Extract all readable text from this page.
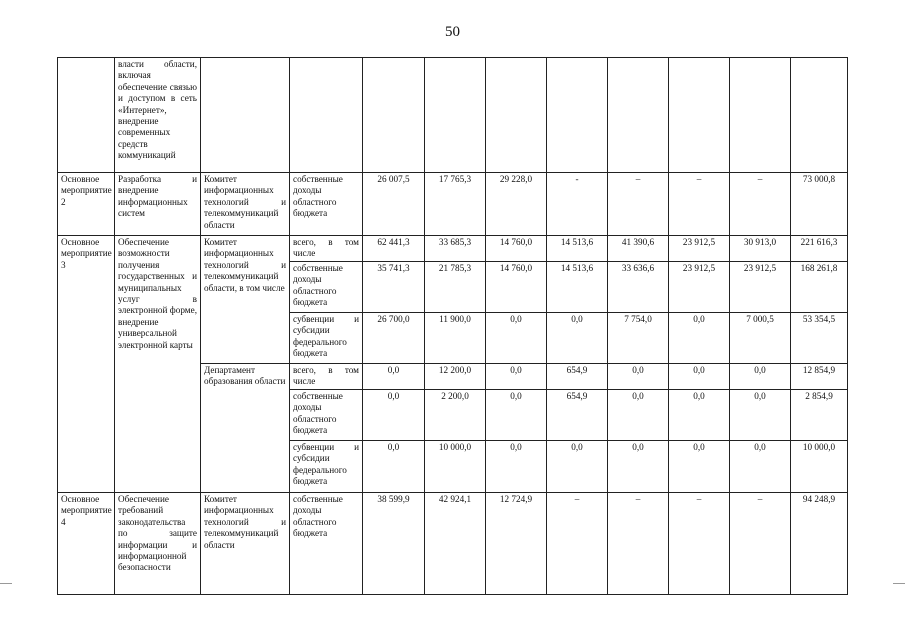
50
	власти области, включая обеспечение связью и доступом в сеть «Интернет», внедрение современных средств коммуникаций										
Основное мероприятие 2	Разработка и внедрение информационных систем	Комитет информационных технологий и телекоммуникаций области	собственные доходы областного бюджета	26 007,5	17 765,3	29 228,0	-	–	–	–	73 000,8
Основное мероприятие 3	Обеспечение возможности получения государственных и муниципальных услуг в электронной форме, внедрение универсальной электронной карты	Комитет информационных технологий и телекоммуникаций области, в том числе	всего, в том числе	62 441,3	33 685,3	14 760,0	14 513,6	41 390,6	23 912,5	30 913,0	221 616,3
			собственные доходы областного бюджета	35 741,3	21 785,3	14 760,0	14 513,6	33 636,6	23 912,5	23 912,5	168 261,8
			субвенции и субсидии федерального бюджета	26 700,0	11 900,0	0,0	0,0	7 754,0	0,0	7 000,5	53 354,5
		Департамент образования области	всего, в том числе	0,0	12 200,0	0,0	654,9	0,0	0,0	0,0	12 854,9
			собственные доходы областного бюджета	0,0	2 200,0	0,0	654,9	0,0	0,0	0,0	2 854,9
			субвенции и субсидии федерального бюджета	0,0	10 000,0	0,0	0,0	0,0	0,0	0,0	10 000,0
Основное мероприятие 4	Обеспечение требований законодательства по защите информации и информационной безопасности	Комитет информационных технологий и телекоммуникаций области	собственные доходы областного бюджета	38 599,9	42 924,1	12 724,9	–	–	–	–	94 248,9
